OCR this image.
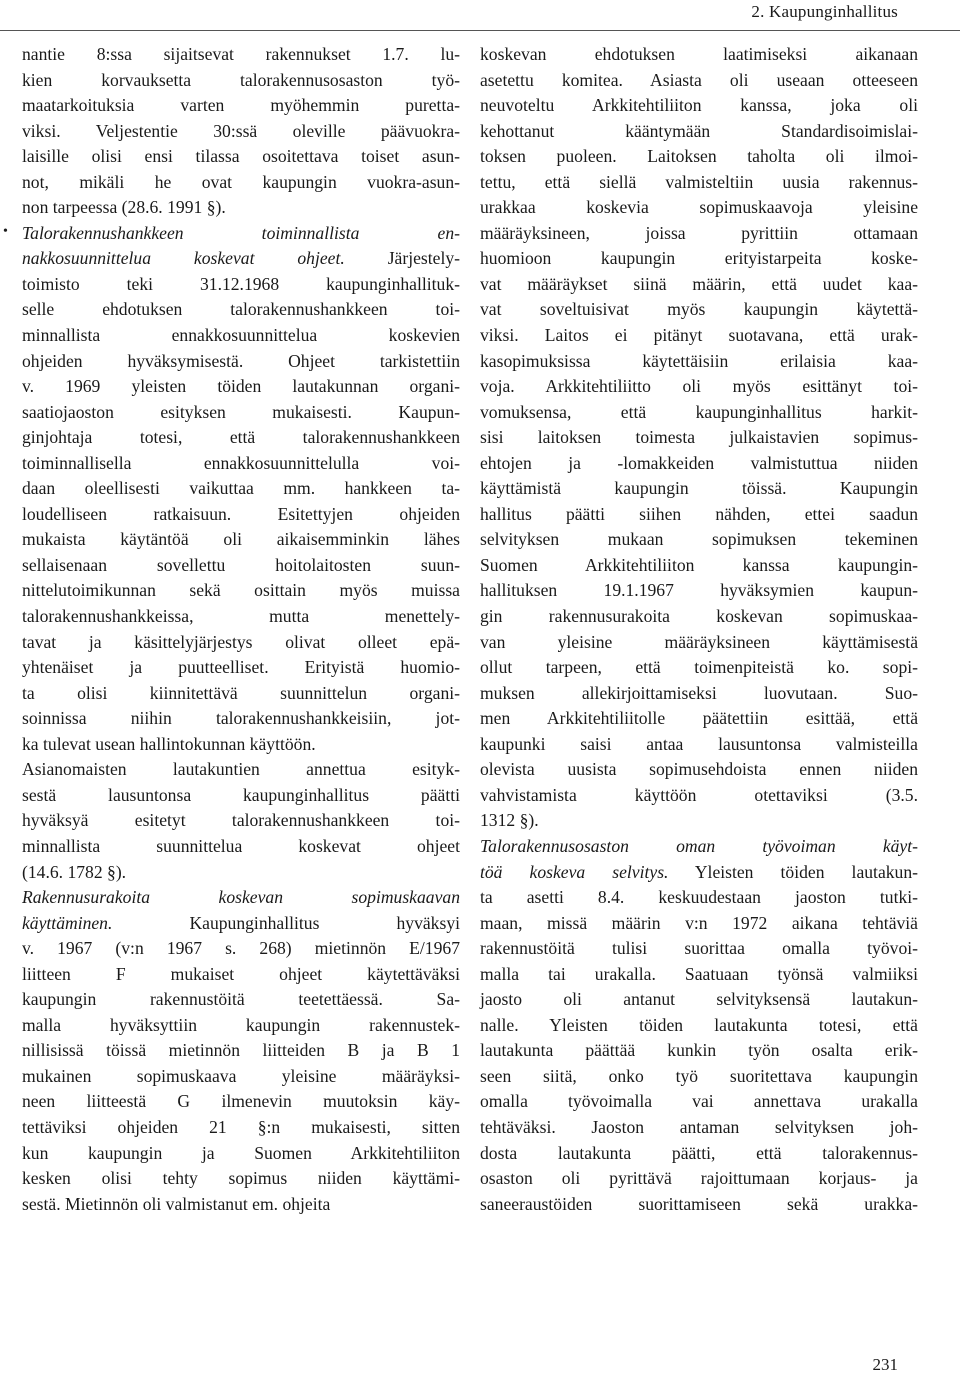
2. Kaupunginhallitus
•
nantie 8:ssa sijaitsevat rakennukset 1.7. lu-
kien korvauksetta talorakennusosaston työ-
maatarkoituksia varten myöhemmin puretta-
viksi. Veljestentie 30:ssä oleville päävuokra-
laisille olisi ensi tilassa osoitettava toiset asun-
not, mikäli he ovat kaupungin vuokra-asun-
non tarpeessa (28.6. 1991 §).
Talorakennushankkeen toiminnallista en-
nakkosuunnittelua koskevat ohjeet. Järjestely-
toimisto teki 31.12.1968 kaupunginhallituk-
selle ehdotuksen talorakennushankkeen toi-
minnallista ennakkosuunnittelua koskevien
ohjeiden hyväksymisestä. Ohjeet tarkistettiin
v. 1969 yleisten töiden lautakunnan organi-
saatiojaoston esityksen mukaisesti. Kaupun-
ginjohtaja totesi, että talorakennushankkeen
toiminnallisella ennakkosuunnittelulla voi-
daan oleellisesti vaikuttaa mm. hankkeen ta-
loudelliseen ratkaisuun. Esitettyjen ohjeiden
mukaista käytäntöä oli aikaisemminkin lähes
sellaisenaan sovellettu hoitolaitosten suun-
nittelutoimikunnan sekä osittain myös muissa
talorakennushankkeissa, mutta menettely-
tavat ja käsittelyjärjestys olivat olleet epä-
yhtenäiset ja puutteelliset. Erityistä huomio-
ta olisi kiinnitettävä suunnittelun organi-
soinnissa niihin talorakennushankkeisiin, jot-
ka tulevat usean hallintokunnan käyttöön.
Asianomaisten lautakuntien annettua esityk-
sestä lausuntonsa kaupunginhallitus päätti
hyväksyä esitetyt talorakennushankkeen toi-
minnallista suunnittelua koskevat ohjeet
(14.6. 1782 §).
Rakennusurakoita koskevan sopimuskaavan
käyttäminen. Kaupunginhallitus hyväksyi
v. 1967 (v:n 1967 s. 268) mietinnön E/1967
liitteen F mukaiset ohjeet käytettäväksi
kaupungin rakennustöitä teetettäessä. Sa-
malla hyväksyttiin kaupungin rakennustek-
nillisissä töissä mietinnön liitteiden B ja B 1
mukainen sopimuskaava yleisine määräyksi-
neen liitteestä G ilmenevin muutoksin käy-
tettäviksi ohjeiden 21 §:n mukaisesti, sitten
kun kaupungin ja Suomen Arkkitehtiliiton
kesken olisi tehty sopimus niiden käyttämi-
sestä. Mietinnön oli valmistanut em. ohjeita
koskevan ehdotuksen laatimiseksi aikanaan
asetettu komitea. Asiasta oli useaan otteeseen
neuvoteltu Arkkitehtiliiton kanssa, joka oli
kehottanut kääntymään Standardisoimislai-
toksen puoleen. Laitoksen taholta oli ilmoi-
tettu, että siellä valmisteltiin uusia rakennus-
urakkaa koskevia sopimuskaavoja yleisine
määräyksineen, joissa pyrittiin ottamaan
huomioon kaupungin erityistarpeita koske-
vat määräykset siinä määrin, että uudet kaa-
vat soveltuisivat myös kaupungin käytettä-
viksi. Laitos ei pitänyt suotavana, että urak-
kasopimuksissa käytettäisiin erilaisia kaa-
voja. Arkkitehtiliitto oli myös esittänyt toi-
vomuksensa, että kaupunginhallitus harkit-
sisi laitoksen toimesta julkaistavien sopimus-
ehtojen ja -lomakkeiden valmistuttua niiden
käyttämistä kaupungin töissä. Kaupungin
hallitus päätti siihen nähden, ettei saadun
selvityksen mukaan sopimuksen tekeminen
Suomen Arkkitehtiliiton kanssa kaupungin-
hallituksen 19.1.1967 hyväksymien kaupun-
gin rakennusurakoita koskevan sopimuskaa-
van yleisine määräyksineen käyttämisestä
ollut tarpeen, että toimenpiteistä ko. sopi-
muksen allekirjoittamiseksi luovutaan. Suo-
men Arkkitehtiliitolle päätettiin esittää, että
kaupunki saisi antaa lausuntonsa valmisteilla
olevista uusista sopimusehdoista ennen niiden
vahvistamista käyttöön otettaviksi (3.5.
1312 §).
Talorakennusosaston oman työvoiman käyt-
töä koskeva selvitys. Yleisten töiden lautakun-
ta asetti 8.4. keskuudestaan jaoston tutki-
maan, missä määrin v:n 1972 aikana tehtäviä
rakennustöitä tulisi suorittaa omalla työvoi-
malla tai urakalla. Saatuaan työnsä valmiiksi
jaosto oli antanut selvityksensä lautakun-
nalle. Yleisten töiden lautakunta totesi, että
lautakunta päättää kunkin työn osalta erik-
seen siitä, onko työ suoritettava kaupungin
omalla työvoimalla vai annettava urakalla
tehtäväksi. Jaoston antaman selvityksen joh-
dosta lautakunta päätti, että talorakennus-
osaston oli pyrittävä rajoittumaan korjaus- ja
saneeraustöiden suorittamiseen sekä urakka-
231
